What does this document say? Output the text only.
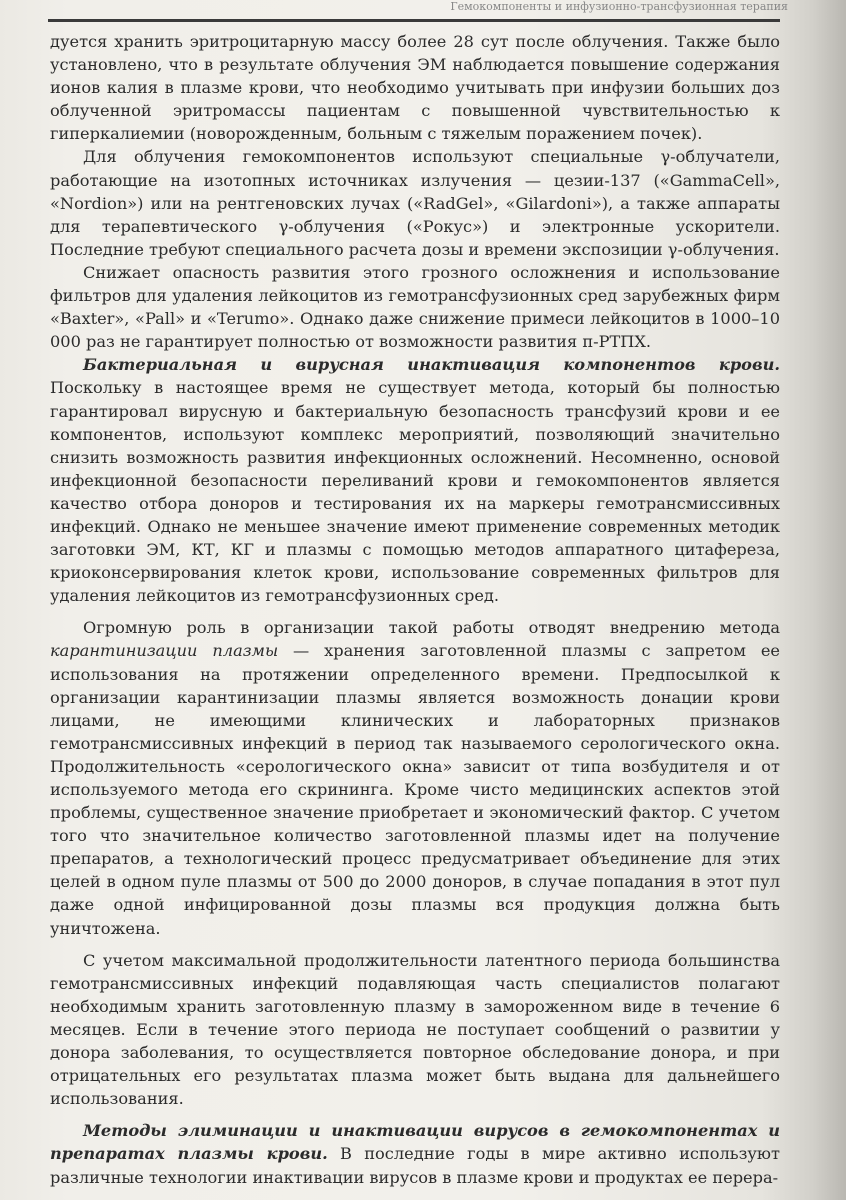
Гемокомпоненты и инфузионно-трансфузионная терапия

дуется хранить эритроцитарную массу более 28 сут после облучения. Также было установлено, что в результате облучения ЭМ наблюдается повышение содержания ионов калия в плазме крови, что необходимо учитывать при инфузии больших доз облученной эритромассы пациентам с повышенной чувствительностью к гиперкалиемии (новорожденным, больным с тяжелым поражением почек).

Для облучения гемокомпонентов используют специальные γ-облучатели, работающие на изотопных источниках излучения — цезии-137 («GammaCell», «Nordion») или на рентгеновских лучах («RadGel», «Gilardoni»), а также аппараты для терапевтического γ-облучения («Рокус») и электронные ускорители. Последние требуют специального расчета дозы и времени экспозиции γ-облучения.

Снижает опасность развития этого грозного осложнения и использование фильтров для удаления лейкоцитов из гемотрансфузионных сред зарубежных фирм «Baxter», «Pall» и «Terumo». Однако даже снижение примеси лейкоцитов в 1000–10 000 раз не гарантирует полностью от возможности развития п-РТПХ.

Бактериальная и вирусная инактивация компонентов крови. Поскольку в настоящее время не существует метода, который бы полностью гарантировал вирусную и бактериальную безопасность трансфузий крови и ее компонентов, используют комплекс мероприятий, позволяющий значительно снизить возможность развития инфекционных осложнений. Несомненно, основой инфекционной безопасности переливаний крови и гемокомпонентов является качество отбора доноров и тестирования их на маркеры гемотрансмиссивных инфекций. Однако не меньшее значение имеют применение современных методик заготовки ЭМ, КТ, КГ и плазмы с помощью методов аппаратного цитафереза, криоконсервирования клеток крови, использование современных фильтров для удаления лейкоцитов из гемотрансфузионных сред.

Огромную роль в организации такой работы отводят внедрению метода карантинизации плазмы — хранения заготовленной плазмы с запретом ее использования на протяжении определенного времени. Предпосылкой к организации карантинизации плазмы является возможность донации крови лицами, не имеющими клинических и лабораторных признаков гемотрансмиссивных инфекций в период так называемого серологического окна. Продолжительность «серологического окна» зависит от типа возбудителя и от используемого метода его скрининга. Кроме чисто медицинских аспектов этой проблемы, существенное значение приобретает и экономический фактор. С учетом того что значительное количество заготовленной плазмы идет на получение препаратов, а технологический процесс предусматривает объединение для этих целей в одном пуле плазмы от 500 до 2000 доноров, в случае попадания в этот пул даже одной инфицированной дозы плазмы вся продукция должна быть уничтожена.

С учетом максимальной продолжительности латентного периода большинства гемотрансмиссивных инфекций подавляющая часть специалистов полагают необходимым хранить заготовленную плазму в замороженном виде в течение 6 месяцев. Если в течение этого периода не поступает сообщений о развитии у донора заболевания, то осуществляется повторное обследование донора, и при отрицательных его результатах плазма может быть выдана для дальнейшего использования.

Методы элиминации и инактивации вирусов в гемокомпонентах и препаратах плазмы крови. В последние годы в мире активно используют различные технологии инактивации вирусов в плазме крови и продуктах ее перера-
